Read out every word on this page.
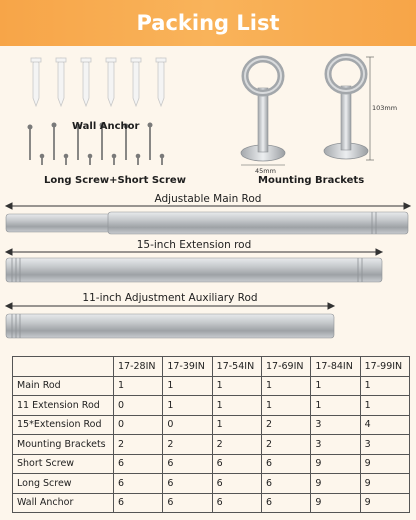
Packing List
Wall Anchor
Long Screw+Short Screw	Mounting Brackets
103mm
45mm
Adjustable Main Rod
15-inch Extension rod
11-inch Adjustment Auxiliary Rod
	17-28IN	17-39IN	17-54IN	17-69IN	17-84IN	17-99IN
Main Rod	1	1	1	1	1	1
11 Extension Rod	0	1	1	1	1	1
15*Extension Rod	0	0	1	2	3	4
Mounting Brackets	2	2	2	2	3	3
Short Screw	6	6	6	6	9	9
Long Screw	6	6	6	6	9	9
Wall Anchor	6	6	6	6	9	9
